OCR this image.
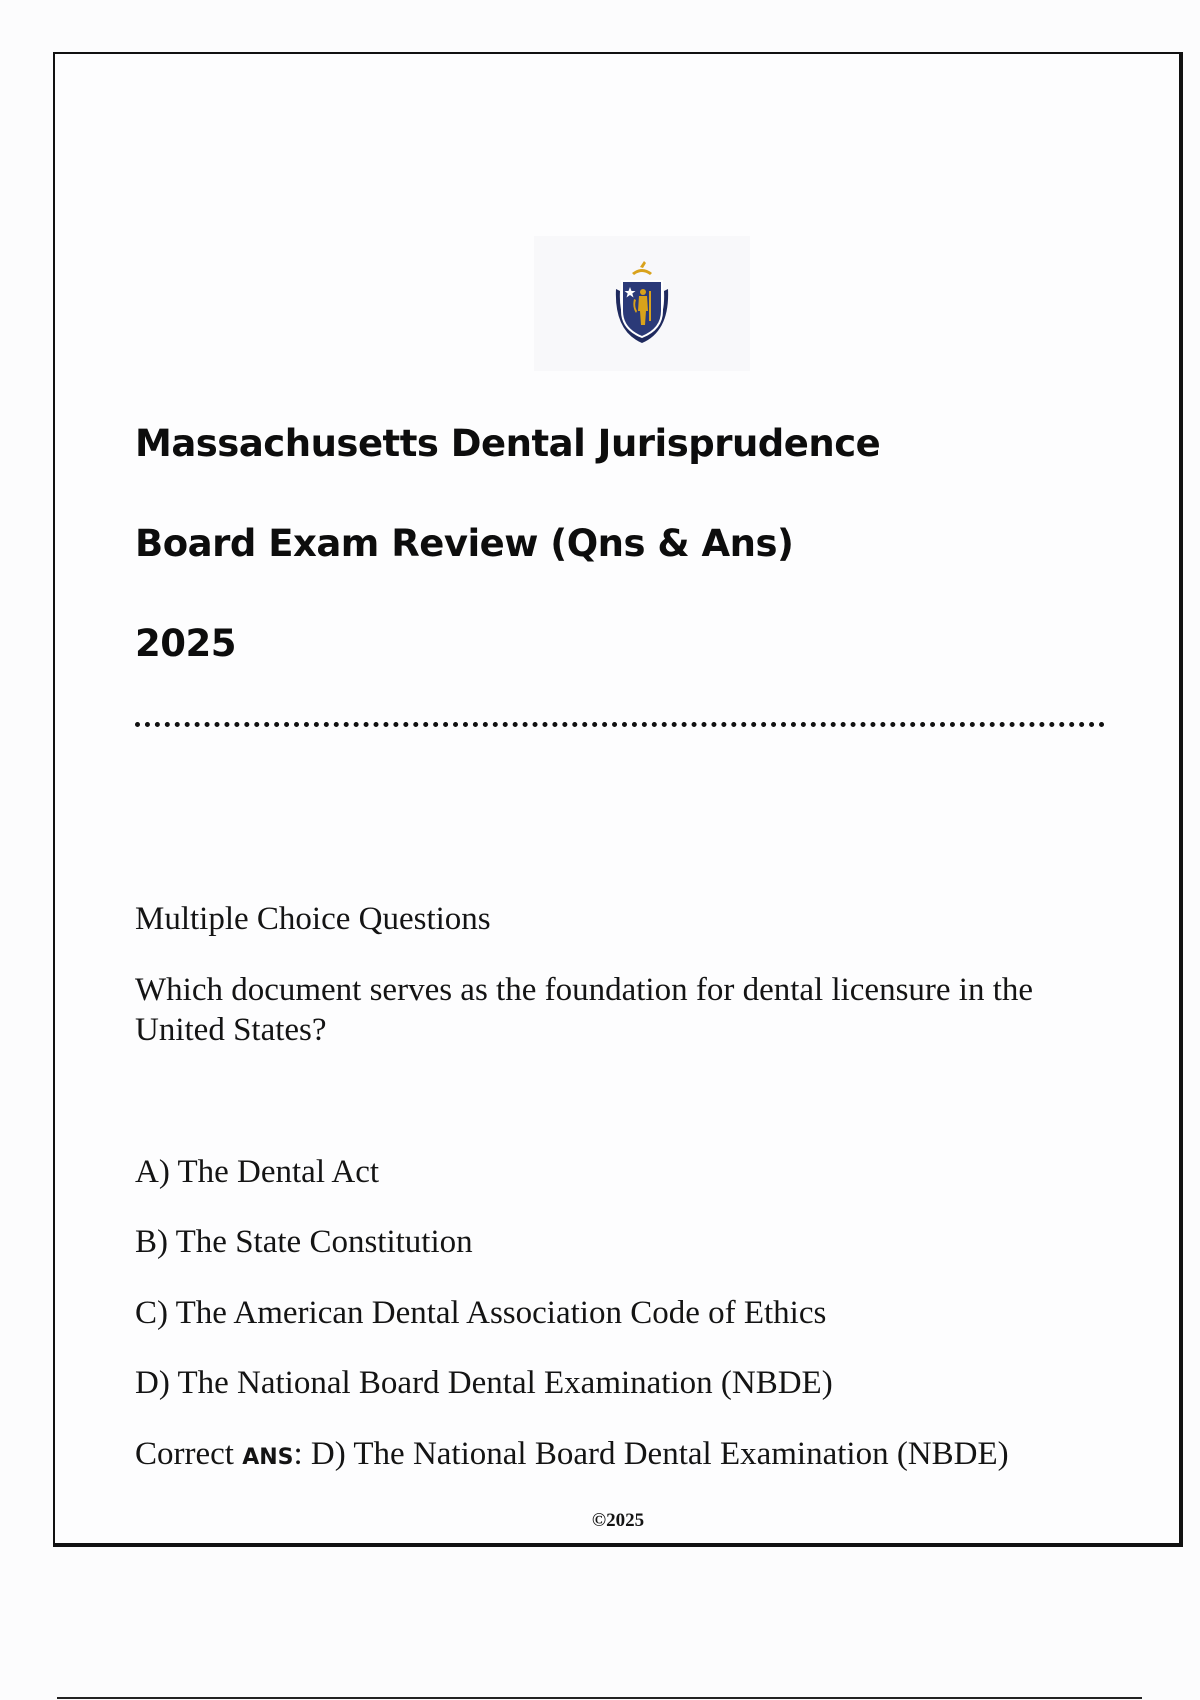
Massachusetts Dental Jurisprudence
Board Exam Review (Qns & Ans)
2025

Multiple Choice Questions

Which document serves as the foundation for dental licensure in the United States?

A) The Dental Act

B) The State Constitution

C) The American Dental Association Code of Ethics

D) The National Board Dental Examination (NBDE)

Correct ANS: D) The National Board Dental Examination (NBDE)

©2025
